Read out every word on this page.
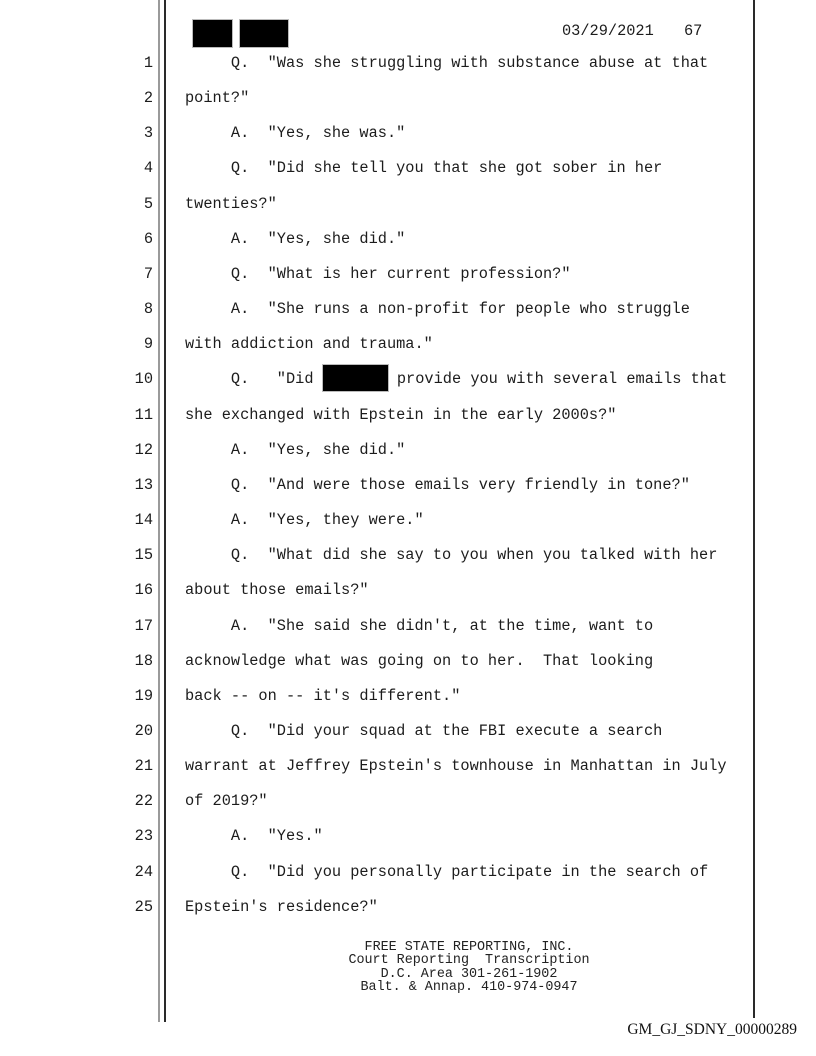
03/29/2021 67
1
2
3
4
5
6
7
8
9
10
11
12
13
14
15
16
17
18
19
20
21
22
23
24
25
Q.  "Was she struggling with substance abuse at that
point?"
A.  "Yes, she was."
Q.  "Did she tell you that she got sober in her
twenties?"
A.  "Yes, she did."
Q.  "What is her current profession?"
A.  "She runs a non-profit for people who struggle
with addiction and trauma."
Q.   "Did	provide you with several emails that
she exchanged with Epstein in the early 2000s?"
A.  "Yes, she did."
Q.  "And were those emails very friendly in tone?"
A.  "Yes, they were."
Q.  "What did she say to you when you talked with her
about those emails?"
A.  "She said she didn't, at the time, want to
acknowledge what was going on to her.  That looking
back -- on -- it's different."
Q.  "Did your squad at the FBI execute a search
warrant at Jeffrey Epstein's townhouse in Manhattan in July
of 2019?"
A.  "Yes."
Q.  "Did you personally participate in the search of
Epstein's residence?"
FREE STATE REPORTING, INC.
Court Reporting  Transcription
D.C. Area 301-261-1902
Balt. & Annap. 410-974-0947
GM_GJ_SDNY_00000289
